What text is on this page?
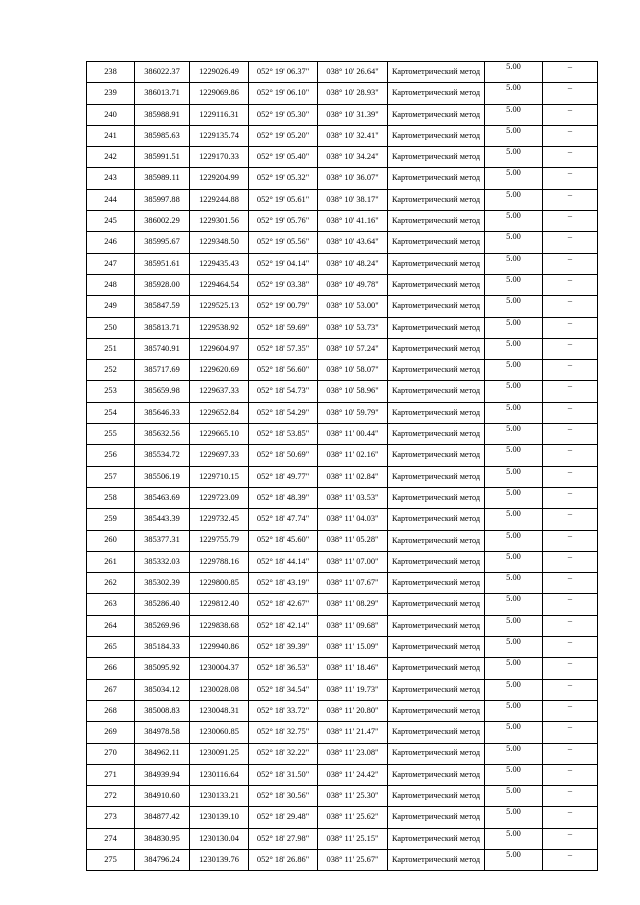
238	386022.37	1229026.49	052° 19' 06.37"	038° 10' 26.64"	Картометрический метод	5.00	–
239	386013.71	1229069.86	052° 19' 06.10"	038° 10' 28.93"	Картометрический метод	5.00	–
240	385988.91	1229116.31	052° 19' 05.30"	038° 10' 31.39"	Картометрический метод	5.00	–
241	385985.63	1229135.74	052° 19' 05.20"	038° 10' 32.41"	Картометрический метод	5.00	–
242	385991.51	1229170.33	052° 19' 05.40"	038° 10' 34.24"	Картометрический метод	5.00	–
243	385989.11	1229204.99	052° 19' 05.32"	038° 10' 36.07"	Картометрический метод	5.00	–
244	385997.88	1229244.88	052° 19' 05.61"	038° 10' 38.17"	Картометрический метод	5.00	–
245	386002.29	1229301.56	052° 19' 05.76"	038° 10' 41.16"	Картометрический метод	5.00	–
246	385995.67	1229348.50	052° 19' 05.56"	038° 10' 43.64"	Картометрический метод	5.00	–
247	385951.61	1229435.43	052° 19' 04.14"	038° 10' 48.24"	Картометрический метод	5.00	–
248	385928.00	1229464.54	052° 19' 03.38"	038° 10' 49.78"	Картометрический метод	5.00	–
249	385847.59	1229525.13	052° 19' 00.79"	038° 10' 53.00"	Картометрический метод	5.00	–
250	385813.71	1229538.92	052° 18' 59.69"	038° 10' 53.73"	Картометрический метод	5.00	–
251	385740.91	1229604.97	052° 18' 57.35"	038° 10' 57.24"	Картометрический метод	5.00	–
252	385717.69	1229620.69	052° 18' 56.60"	038° 10' 58.07"	Картометрический метод	5.00	–
253	385659.98	1229637.33	052° 18' 54.73"	038° 10' 58.96"	Картометрический метод	5.00	–
254	385646.33	1229652.84	052° 18' 54.29"	038° 10' 59.79"	Картометрический метод	5.00	–
255	385632.56	1229665.10	052° 18' 53.85"	038° 11' 00.44"	Картометрический метод	5.00	–
256	385534.72	1229697.33	052° 18' 50.69"	038° 11' 02.16"	Картометрический метод	5.00	–
257	385506.19	1229710.15	052° 18' 49.77"	038° 11' 02.84"	Картометрический метод	5.00	–
258	385463.69	1229723.09	052° 18' 48.39"	038° 11' 03.53"	Картометрический метод	5.00	–
259	385443.39	1229732.45	052° 18' 47.74"	038° 11' 04.03"	Картометрический метод	5.00	–
260	385377.31	1229755.79	052° 18' 45.60"	038° 11' 05.28"	Картометрический метод	5.00	–
261	385332.03	1229788.16	052° 18' 44.14"	038° 11' 07.00"	Картометрический метод	5.00	–
262	385302.39	1229800.85	052° 18' 43.19"	038° 11' 07.67"	Картометрический метод	5.00	–
263	385286.40	1229812.40	052° 18' 42.67"	038° 11' 08.29"	Картометрический метод	5.00	–
264	385269.96	1229838.68	052° 18' 42.14"	038° 11' 09.68"	Картометрический метод	5.00	–
265	385184.33	1229940.86	052° 18' 39.39"	038° 11' 15.09"	Картометрический метод	5.00	–
266	385095.92	1230004.37	052° 18' 36.53"	038° 11' 18.46"	Картометрический метод	5.00	–
267	385034.12	1230028.08	052° 18' 34.54"	038° 11' 19.73"	Картометрический метод	5.00	–
268	385008.83	1230048.31	052° 18' 33.72"	038° 11' 20.80"	Картометрический метод	5.00	–
269	384978.58	1230060.85	052° 18' 32.75"	038° 11' 21.47"	Картометрический метод	5.00	–
270	384962.11	1230091.25	052° 18' 32.22"	038° 11' 23.08"	Картометрический метод	5.00	–
271	384939.94	1230116.64	052° 18' 31.50"	038° 11' 24.42"	Картометрический метод	5.00	–
272	384910.60	1230133.21	052° 18' 30.56"	038° 11' 25.30"	Картометрический метод	5.00	–
273	384877.42	1230139.10	052° 18' 29.48"	038° 11' 25.62"	Картометрический метод	5.00	–
274	384830.95	1230130.04	052° 18' 27.98"	038° 11' 25.15"	Картометрический метод	5.00	–
275	384796.24	1230139.76	052° 18' 26.86"	038° 11' 25.67"	Картометрический метод	5.00	–
